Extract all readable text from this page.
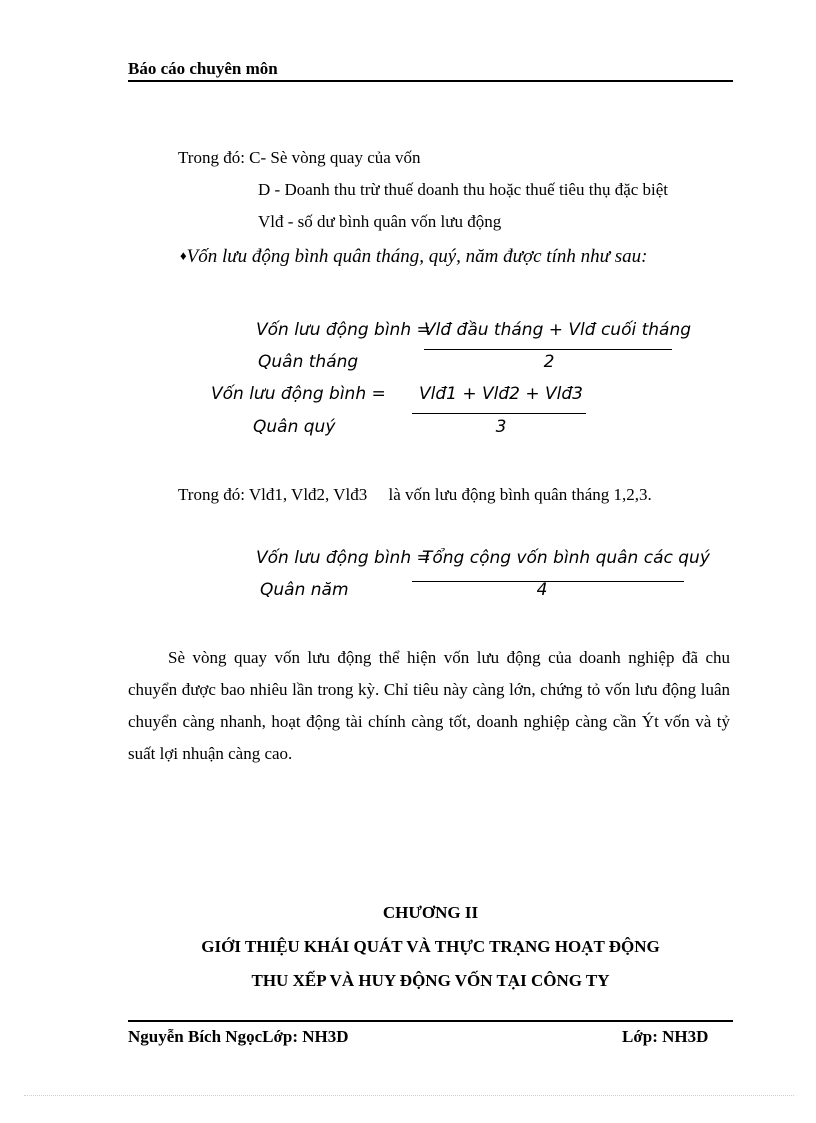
Báo cáo chuyên môn
Trong đó: C- Sè vòng quay của vốn
D - Doanh thu trừ thuế doanh thu hoặc thuế tiêu thụ đặc biệt
Vlđ - số dư bình quân vốn lưu động
♦Vốn lưu động bình quân tháng, quý, năm được tính như sau:
Vốn lưu động bình =
Quân tháng
Vlđ đầu tháng + Vlđ cuối tháng
2
Vốn lưu động bình =
Quân quý
Vlđ1 + Vlđ2 + Vlđ3
3
Trong đó: Vlđ1, Vlđ2, Vlđ3     là vốn lưu động bình quân tháng 1,2,3.
Vốn lưu động bình =
Quân năm
Tổng cộng vốn bình quân các quý
4

Sè vòng quay vốn lưu động thể hiện vốn lưu động của doanh nghiệp đã chu chuyển được bao nhiêu lần trong kỳ. Chỉ tiêu này càng lớn, chứng tỏ vốn lưu động luân chuyển càng nhanh, hoạt động tài chính càng tốt, doanh nghiệp càng cần Ýt vốn và tỷ suất lợi nhuận càng cao.

CHƯƠNG II
GIỚI THIỆU KHÁI QUÁT VÀ THỰC TRẠNG HOẠT ĐỘNG
THU XẾP VÀ HUY ĐỘNG VỐN TẠI CÔNG TY
Nguyễn Bích NgọcLớp: NH3D	Lớp: NH3D
